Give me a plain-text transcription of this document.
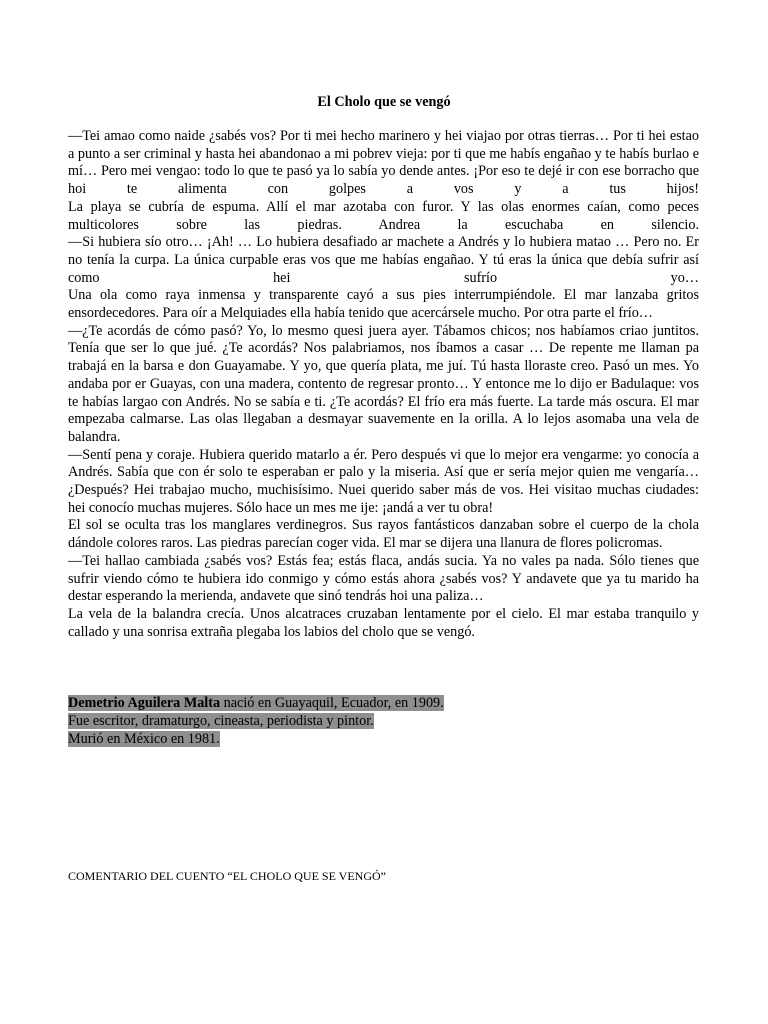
El Cholo que se vengó

—Tei amao como naide ¿sabés vos? Por ti mei hecho marinero y hei viajao por otras tierras… Por ti hei estao a punto a ser criminal y hasta hei abandonao a mi pobrev vieja: por ti que me habís engañao y te habís burlao e mí… Pero mei vengao: todo lo que te pasó ya lo sabía yo dende antes. ¡Por eso te dejé ir con ese borracho que hoi te alimenta con golpes a vos y a tus hijos!

La playa se cubría de espuma. Allí el mar azotaba con furor. Y las olas enormes caían, como peces multicolores sobre las piedras. Andrea la escuchaba en silencio.

—Si hubiera sío otro… ¡Ah! … Lo hubiera desafiado ar machete a Andrés y lo hubiera matao … Pero no. Er no tenía la curpa. La única curpable eras vos que me habías engañao. Y tú eras la única que debía sufrir así como hei sufrío yo…

Una ola como raya inmensa y transparente cayó a sus pies interrumpiéndole. El mar lanzaba gritos ensordecedores. Para oír a Melquiades ella había tenido que acercársele mucho. Por otra parte el frío…

—¿Te acordás de cómo pasó? Yo, lo mesmo quesi juera ayer. Tábamos chicos; nos habíamos criao juntitos. Tenía que ser lo que jué. ¿Te acordás? Nos palabriamos, nos íbamos a casar … De repente me llaman pa trabajá en la barsa e don Guayamabe. Y yo, que quería plata, me juí. Tú hasta lloraste creo. Pasó un mes. Yo andaba por er Guayas, con una madera, contento de regresar pronto… Y entonce me lo dijo er Badulaque: vos te habías largao con Andrés. No se sabía e ti. ¿Te acordás? El frío era más fuerte. La tarde más oscura. El mar empezaba calmarse. Las olas llegaban a desmayar suavemente en la orilla. A lo lejos asomaba una vela de balandra.

—Sentí pena y coraje. Hubiera querido matarlo a ér. Pero después vi que lo mejor era vengarme: yo conocía a Andrés. Sabía que con ér solo te esperaban er palo y la miseria. Así que er sería mejor quien me vengaría… ¿Después? Hei trabajao mucho, muchisísimo. Nuei querido saber más de vos. Hei visitao muchas ciudades: hei conocío muchas mujeres. Sólo hace un mes me ije: ¡andá a ver tu obra!

El sol se oculta tras los manglares verdinegros. Sus rayos fantásticos danzaban sobre el cuerpo de la chola dándole colores raros. Las piedras parecían coger vida. El mar se dijera una llanura de flores policromas.

—Tei hallao cambiada ¿sabés vos? Estás fea; estás flaca, andás sucia. Ya no vales pa nada. Sólo tienes que sufrir viendo cómo te hubiera ido conmigo y cómo estás ahora ¿sabés vos? Y andavete que ya tu marido ha destar esperando la merienda, andavete que sinó tendrás hoi una paliza…

La vela de la balandra crecía. Unos alcatraces cruzaban lentamente por el cielo. El mar estaba tranquilo y callado y una sonrisa extraña plegaba los labios del cholo que se vengó.

Demetrio Aguilera Malta nació en Guayaquil, Ecuador, en 1909.
Fue escritor, dramaturgo, cineasta, periodista y pintor.
Murió en México en 1981.
COMENTARIO DEL CUENTO “EL CHOLO QUE SE VENGÓ”
